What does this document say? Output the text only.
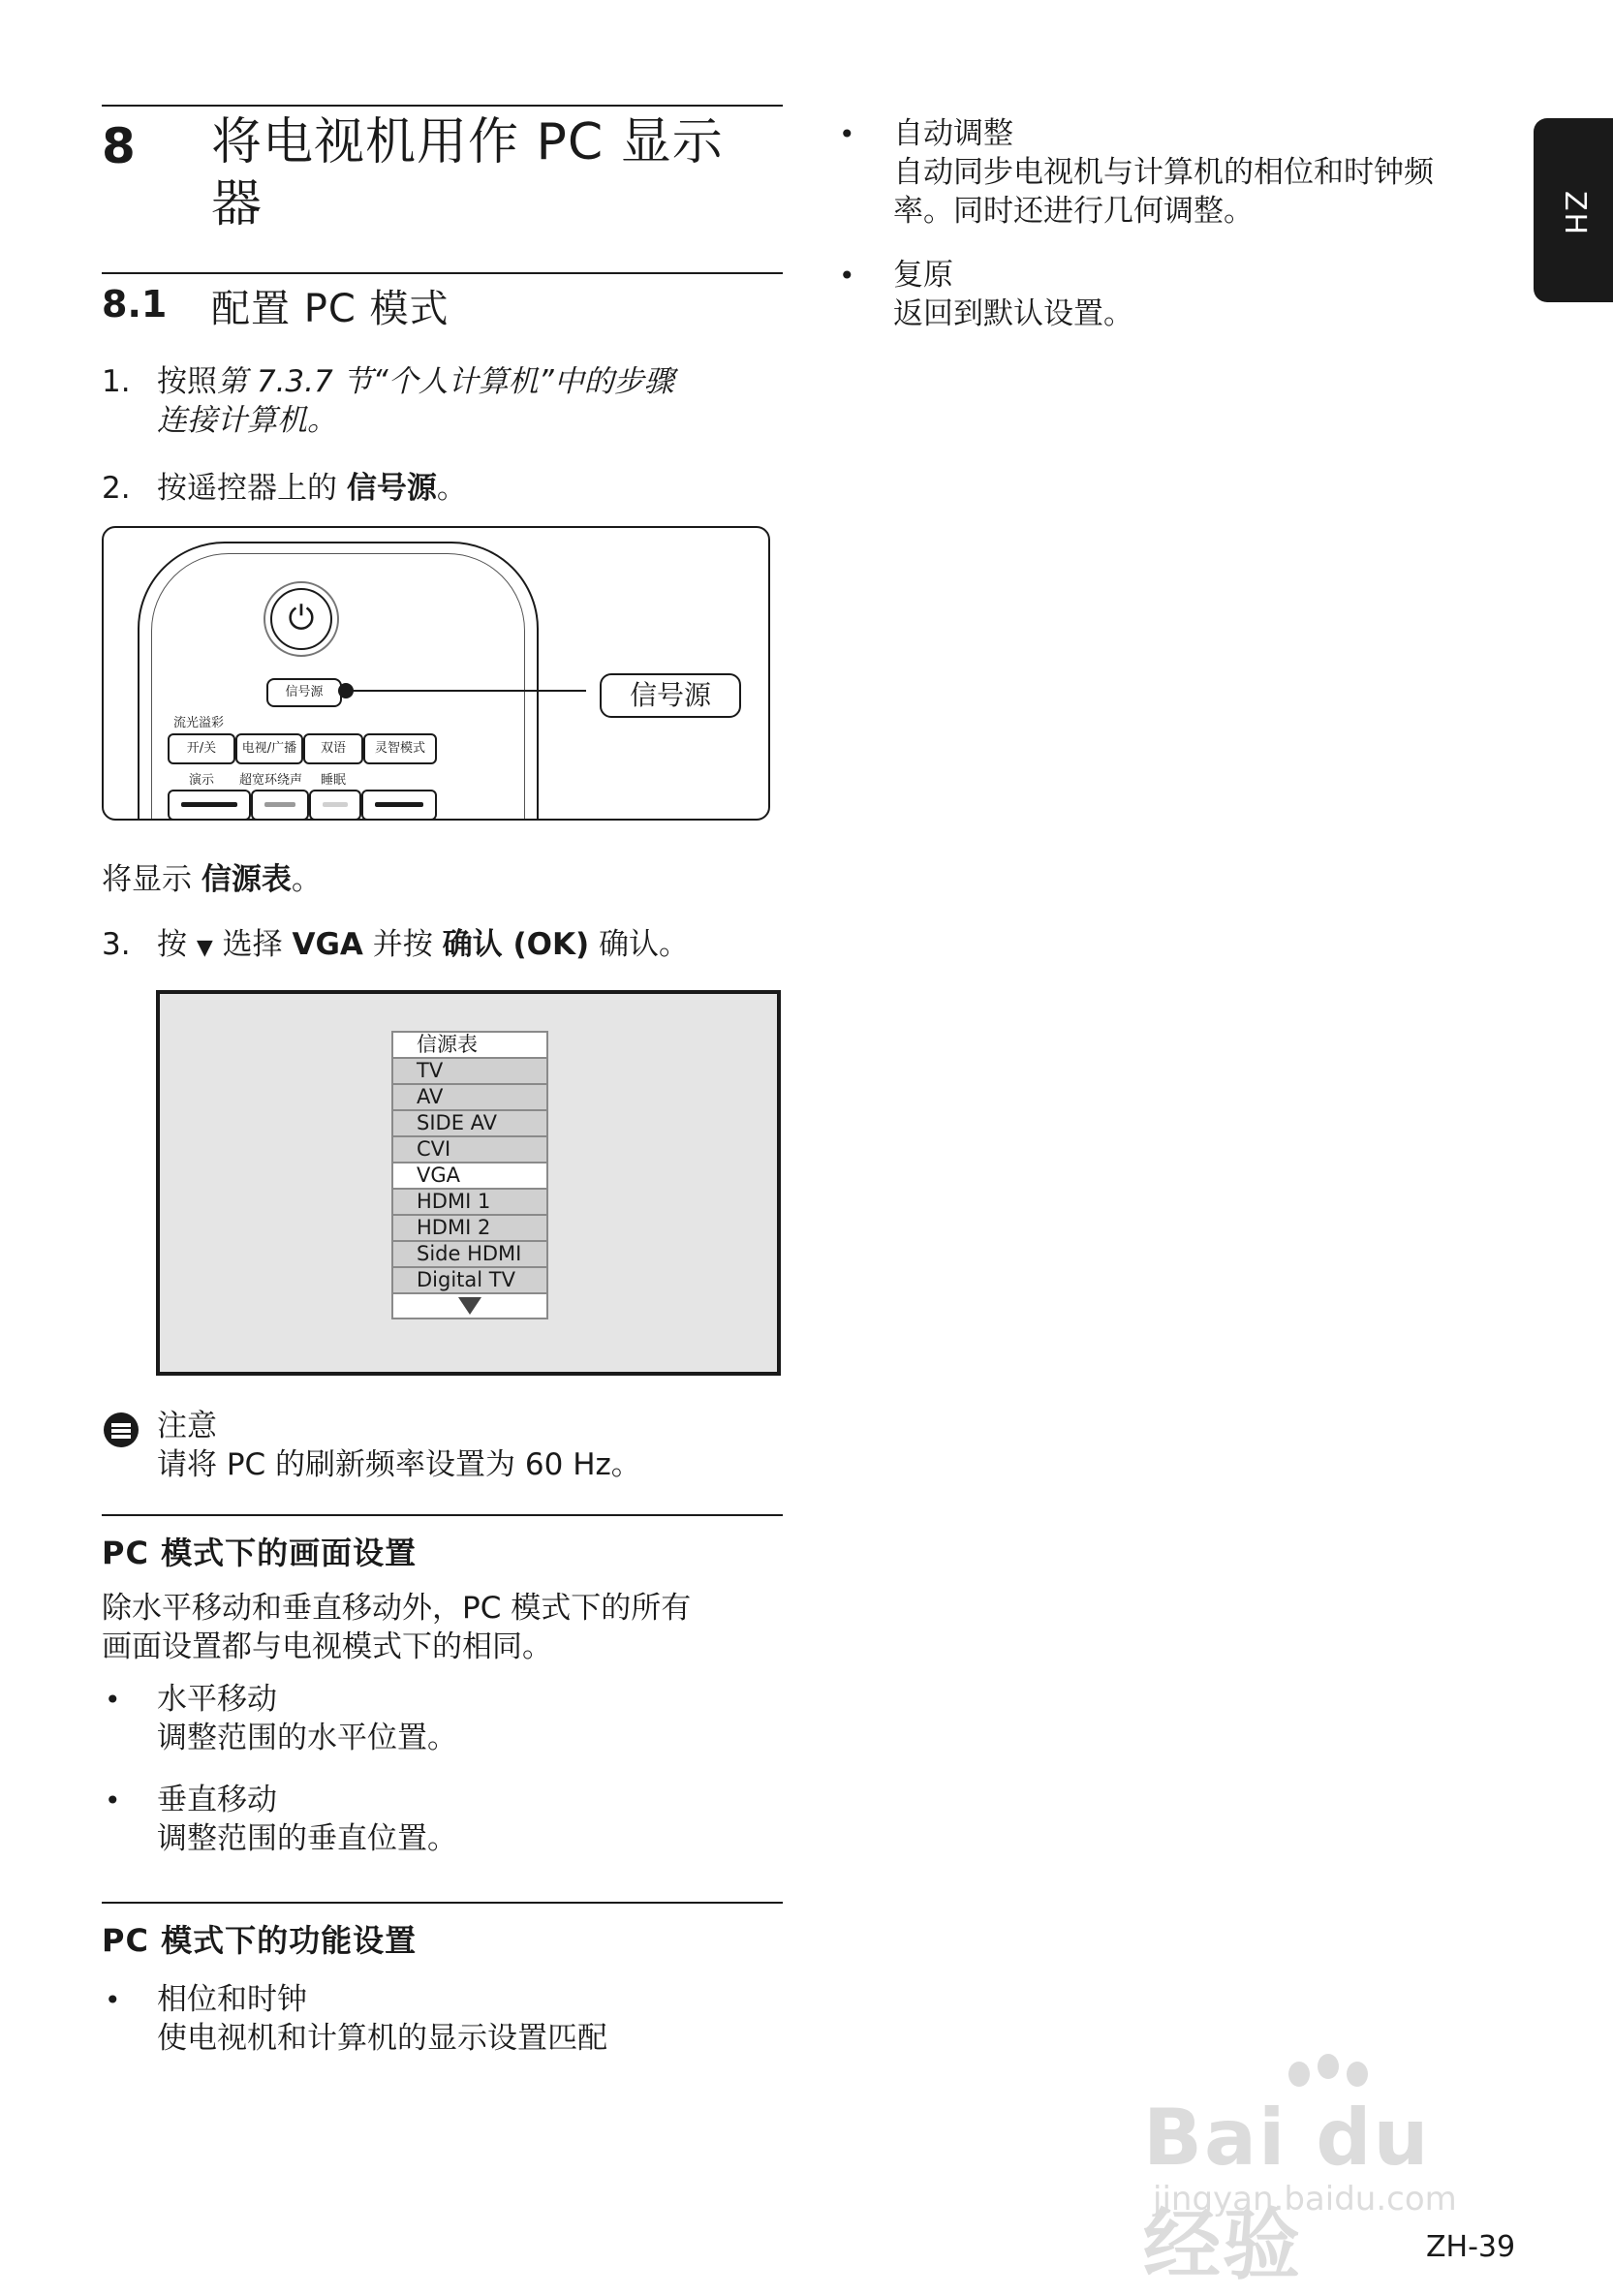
8 将电视机用作 PC 显示
器
8.1 配置 PC 模式
1. 按照第 7.3.7 节“个人计算机”中的步骤
连接计算机。
2. 按遥控器上的 信号源。
⏻
信号源	信号源
流光溢彩
开/关	电视/广播	双语	灵智模式
演示 超宽环绕声 睡眠
将显示 信源表。
3. 按 ▼ 选择 VGA 并按 确认 (OK) 确认。
信源表
TV
AV
SIDE AV
CVI
VGA
HDMI 1
HDMI 2
Side HDMI
Digital TV
注意
请将 PC 的刷新频率设置为 60 Hz。
PC 模式下的画面设置
除水平移动和垂直移动外，PC 模式下的所有
画面设置都与电视模式下的相同。
• 水平移动
调整范围的水平位置。
• 垂直移动
调整范围的垂直位置。
PC 模式下的功能设置
• 相位和时钟
使电视机和计算机的显示设置匹配
• 自动调整
自动同步电视机与计算机的相位和时钟频
率。同时还进行几何调整。
• 复原
返回到默认设置。
ZH
Bai du 经验
jingyan.baidu.com
ZH-39
